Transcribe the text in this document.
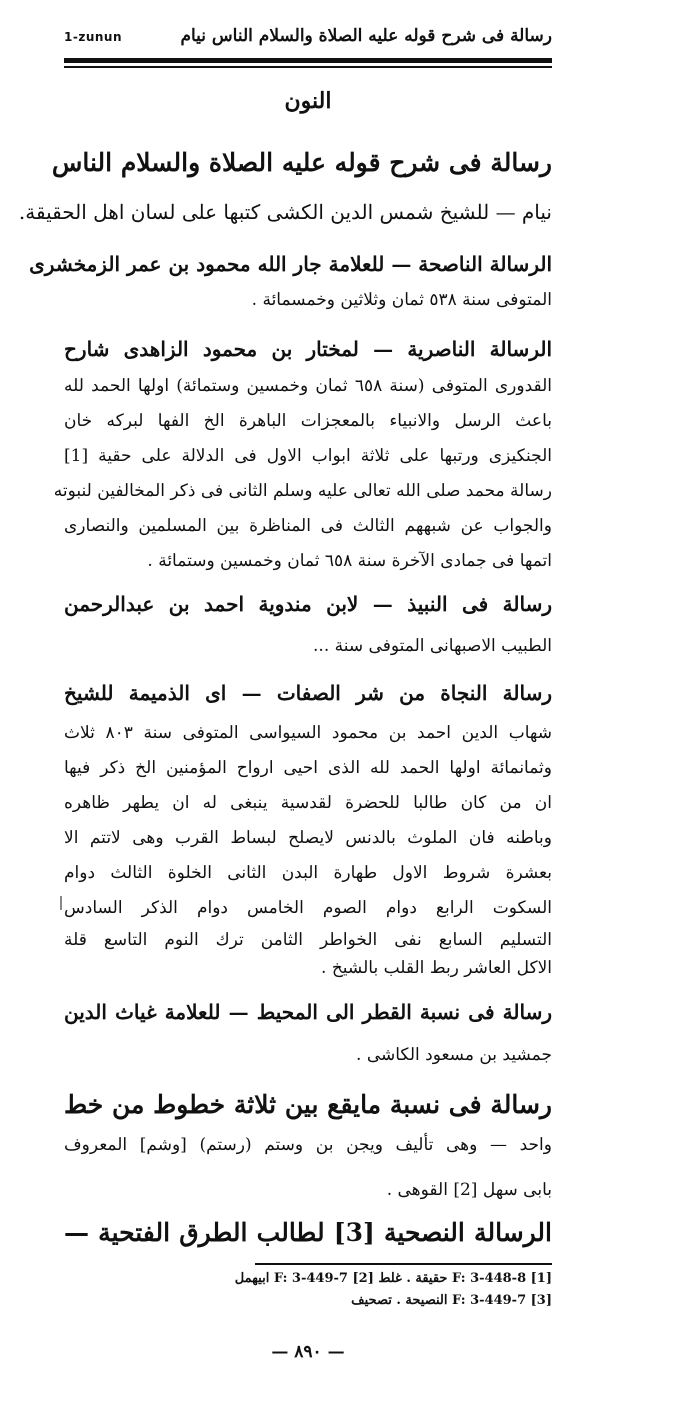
رسالة فى شرح قوله عليه الصلاة والسلام الناس نيام
1-zunun
النون
رسالة فى شرح قوله عليه الصلاة والسلام الناس
نيام — للشيخ شمس الدين الكشى كتبها على لسان اهل الحقيقة.
الرسالة الناصحة — للعلامة جار الله محمود بن عمر الزمخشرى
المتوفى سنة ٥٣٨ ثمان وثلاثين وخمسمائة .
الرسالة الناصرية — لمختار بن محمود الزاهدى شارح
القدورى المتوفى (سنة ٦٥٨ ثمان وخمسين وستمائة) اولها الحمد لله
باعث الرسل والانبياء بالمعجزات الباهرة الخ الفها لبركه خان
الجنكيزى ورتبها على ثلاثة ابواب الاول فى الدلالة على حقية [1]
رسالة محمد صلى الله تعالى عليه وسلم الثانى فى ذكر المخالفين لنبوته
والجواب عن شبههم الثالث فى المناظرة بين المسلمين والنصارى
اتمها فى جمادى الآخرة سنة ٦٥٨ ثمان وخمسين وستمائة .
رسالة فى النبيذ — لابن مندوية احمد بن عبدالرحمن
الطبيب الاصبهانى المتوفى سنة ...
رسالة النجاة من شر الصفات — اى الذميمة للشيخ
شهاب الدين احمد بن محمود السيواسى المتوفى سنة ٨٠٣ ثلاث
وثمانمائة اولها الحمد لله الذى احيى ارواح المؤمنين الخ ذكر فيها
ان من كان طالبا للحضرة لقدسية ينبغى له ان يطهر ظاهره
وباطنه فان الملوث بالدنس لايصلح لبساط القرب وهى لاتتم الا
بعشرة شروط الاول طهارة البدن الثانى الخلوة الثالث دوام
السكوت الرابع دوام الصوم الخامس دوام الذكر السادس
التسليم السابع نفى الخواطر الثامن ترك النوم التاسع قلة
الاكل العاشر ربط القلب بالشيخ .
رسالة فى نسبة القطر الى المحيط — للعلامة غياث الدين
جمشيد بن مسعود الكاشى .
رسالة فى نسبة مايقع بين ثلاثة خطوط من خط
واحد — وهى تأليف ويجن بن وستم (رستم) [وشم] المعروف
بابى سهل [2] القوهى .
الرسالة النصحية [3] لطالب الطرق الفتحية —
[1] F: 3-448-8 حقيقة . غلط [2] F: 3-449-7 ابيهمل
[3] F: 3-449-7 النصيحة . تصحيف
— ٨٩٠ —
